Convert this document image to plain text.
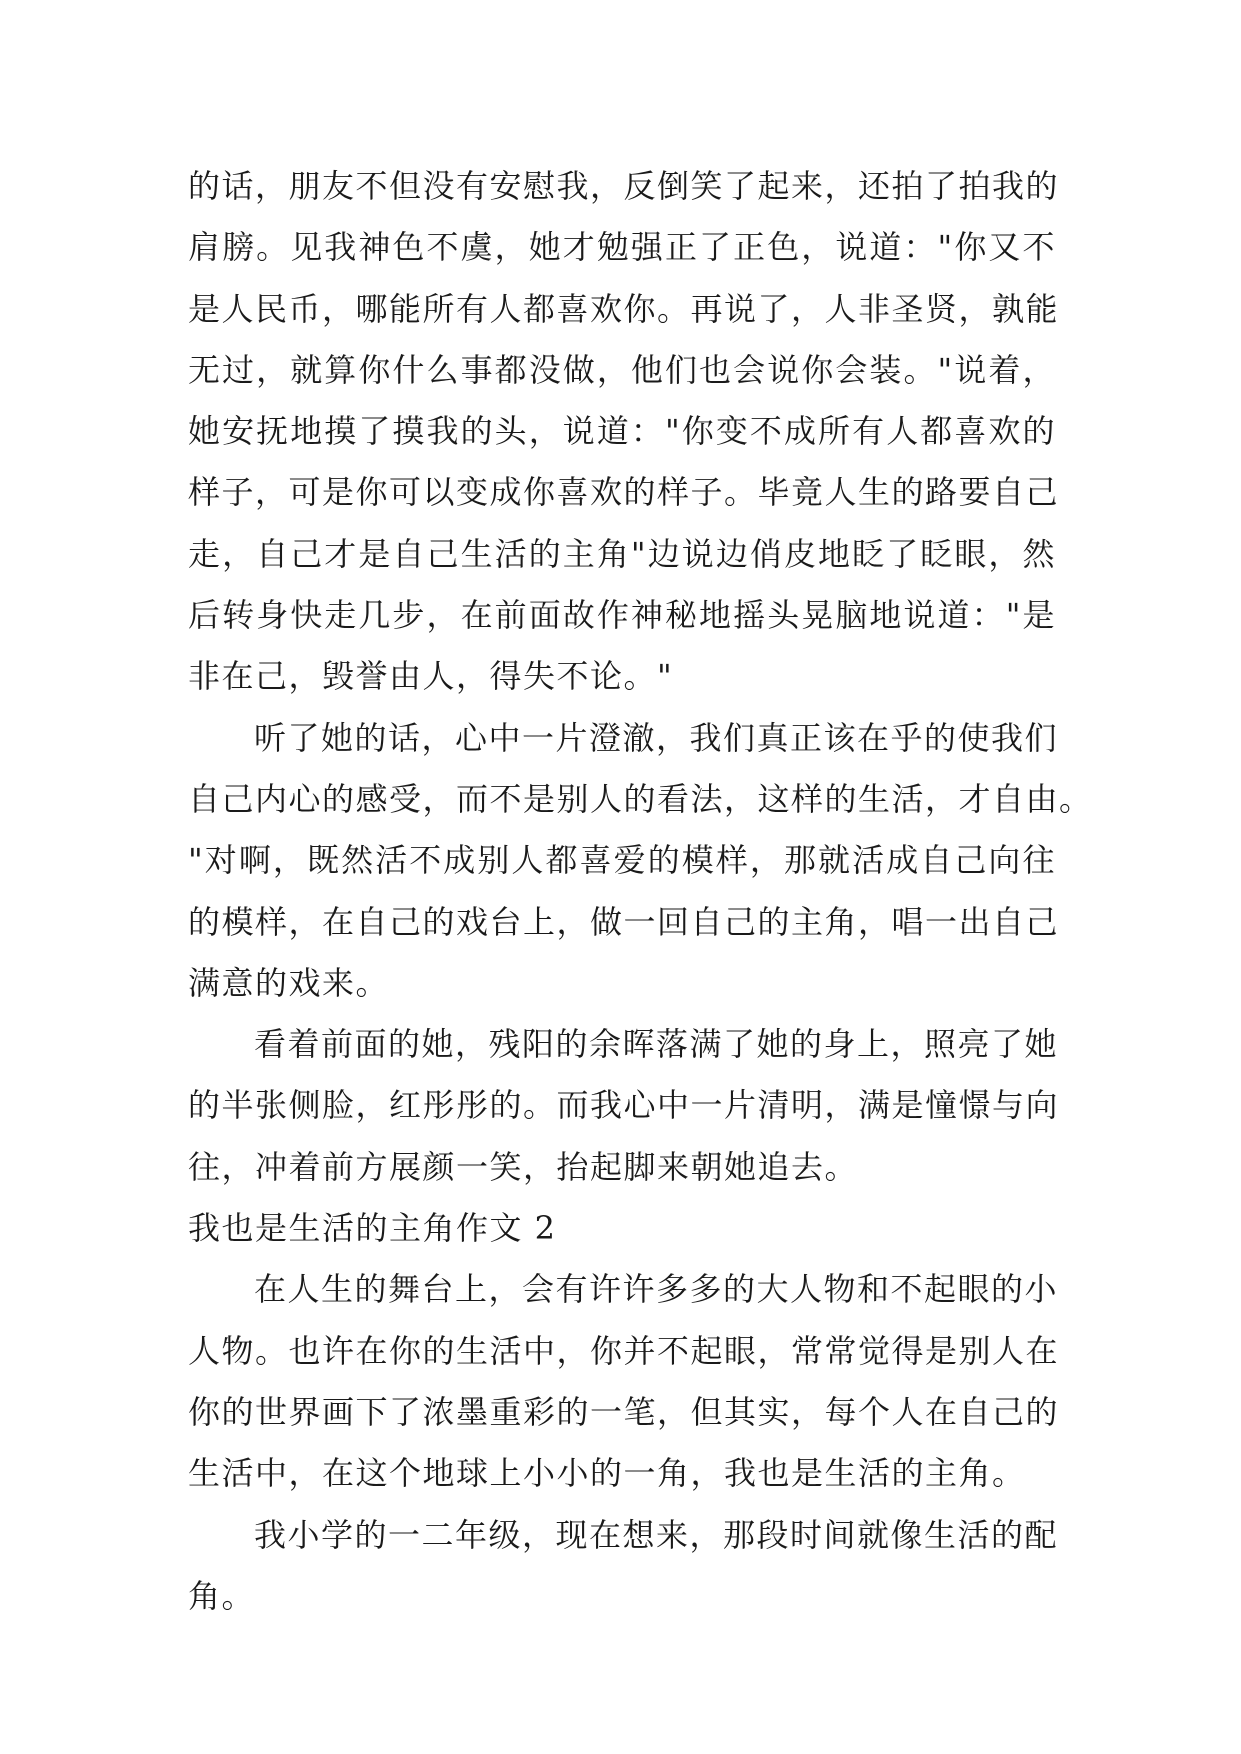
的话，朋友不但没有安慰我，反倒笑了起来，还拍了拍我的
肩膀。见我神色不虞，她才勉强正了正色，说道："你又不
是人民币，哪能所有人都喜欢你。再说了，人非圣贤，孰能
无过，就算你什么事都没做，他们也会说你会装。"说着，
她安抚地摸了摸我的头，说道："你变不成所有人都喜欢的
样子，可是你可以变成你喜欢的样子。毕竟人生的路要自己
走，自己才是自己生活的主角"边说边俏皮地眨了眨眼，然
后转身快走几步，在前面故作神秘地摇头晃脑地说道："是
非在己，毁誉由人，得失不论。"
听了她的话，心中一片澄澈，我们真正该在乎的使我们
自己内心的感受，而不是别人的看法，这样的生活，才自由。
"对啊，既然活不成别人都喜爱的模样，那就活成自己向往
的模样，在自己的戏台上，做一回自己的主角，唱一出自己
满意的戏来。
看着前面的她，残阳的余晖落满了她的身上，照亮了她
的半张侧脸，红彤彤的。而我心中一片清明，满是憧憬与向
往，冲着前方展颜一笑，抬起脚来朝她追去。
我也是生活的主角作文 2
在人生的舞台上，会有许许多多的大人物和不起眼的小
人物。也许在你的生活中，你并不起眼，常常觉得是别人在
你的世界画下了浓墨重彩的一笔，但其实，每个人在自己的
生活中，在这个地球上小小的一角，我也是生活的主角。
我小学的一二年级，现在想来，那段时间就像生活的配
角。
